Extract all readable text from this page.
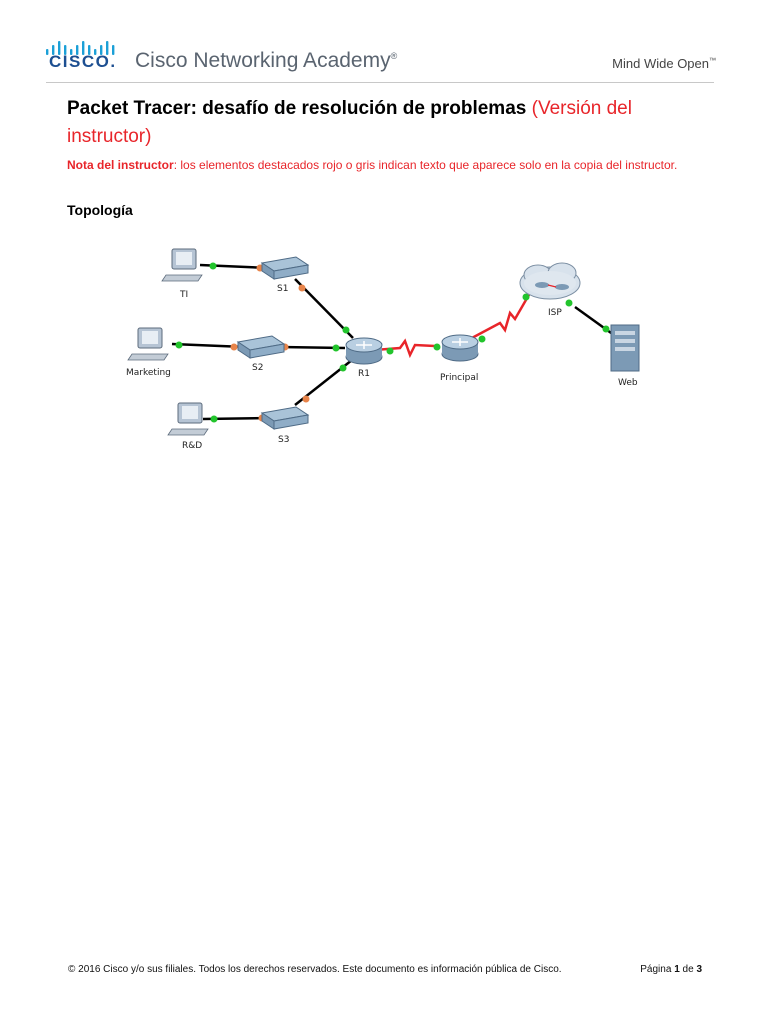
CISCO. Cisco Networking Academy®	Mind Wide Open™
Packet Tracer: desafío de resolución de problemas (Versión del instructor)
Nota del instructor: los elementos destacados rojo o gris indican texto que aparece solo en la copia del instructor.
Topología
TI
S1
Marketing	S2
R&D
S3
R1	Principal
ISP
Web
© 2016 Cisco y/o sus filiales. Todos los derechos reservados. Este documento es información pública de Cisco.	Página 1 de 3
